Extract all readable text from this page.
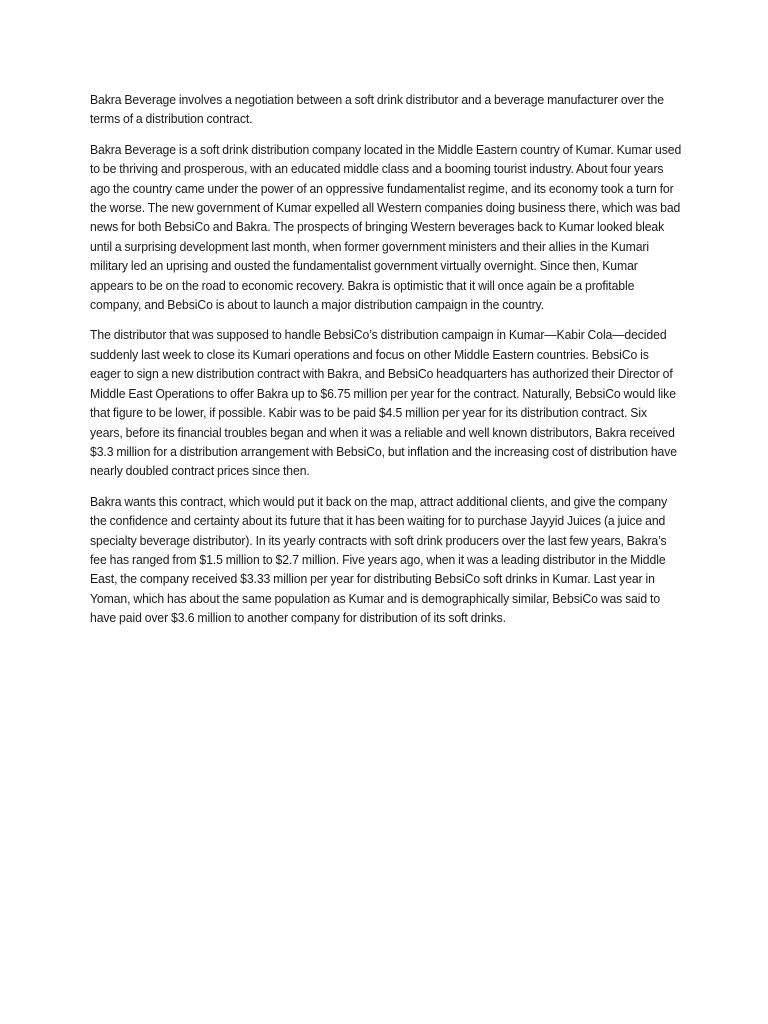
Bakra Beverage involves a negotiation between a soft drink distributor and a beverage manufacturer over the terms of a distribution contract.

Bakra Beverage is a soft drink distribution company located in the Middle Eastern country of Kumar. Kumar used to be thriving and prosperous, with an educated middle class and a booming tourist industry. About four years ago the country came under the power of an oppressive fundamentalist regime, and its economy took a turn for the worse. The new government of Kumar expelled all Western companies doing business there, which was bad news for both BebsiCo and Bakra. The prospects of bringing Western beverages back to Kumar looked bleak until a surprising development last month, when former government ministers and their allies in the Kumari military led an uprising and ousted the fundamentalist government virtually overnight. Since then, Kumar appears to be on the road to economic recovery. Bakra is optimistic that it will once again be a profitable company, and BebsiCo is about to launch a major distribution campaign in the country.

The distributor that was supposed to handle BebsiCo’s distribution campaign in Kumar—Kabir Cola—decided suddenly last week to close its Kumari operations and focus on other Middle Eastern countries. BebsiCo is eager to sign a new distribution contract with Bakra, and BebsiCo headquarters has authorized their Director of Middle East Operations to offer Bakra up to $6.75 million per year for the contract. Naturally, BebsiCo would like that figure to be lower, if possible. Kabir was to be paid $4.5 million per year for its distribution contract. Six years, before its financial troubles began and when it was a reliable and well known distributors, Bakra received $3.3 million for a distribution arrangement with BebsiCo, but inflation and the increasing cost of distribution have nearly doubled contract prices since then.

Bakra wants this contract, which would put it back on the map, attract additional clients, and give the company the confidence and certainty about its future that it has been waiting for to purchase Jayyid Juices (a juice and specialty beverage distributor). In its yearly contracts with soft drink producers over the last few years, Bakra’s fee has ranged from $1.5 million to $2.7 million. Five years ago, when it was a leading distributor in the Middle East, the company received $3.33 million per year for distributing BebsiCo soft drinks in Kumar. Last year in Yoman, which has about the same population as Kumar and is demographically similar, BebsiCo was said to have paid over $3.6 million to another company for distribution of its soft drinks.
